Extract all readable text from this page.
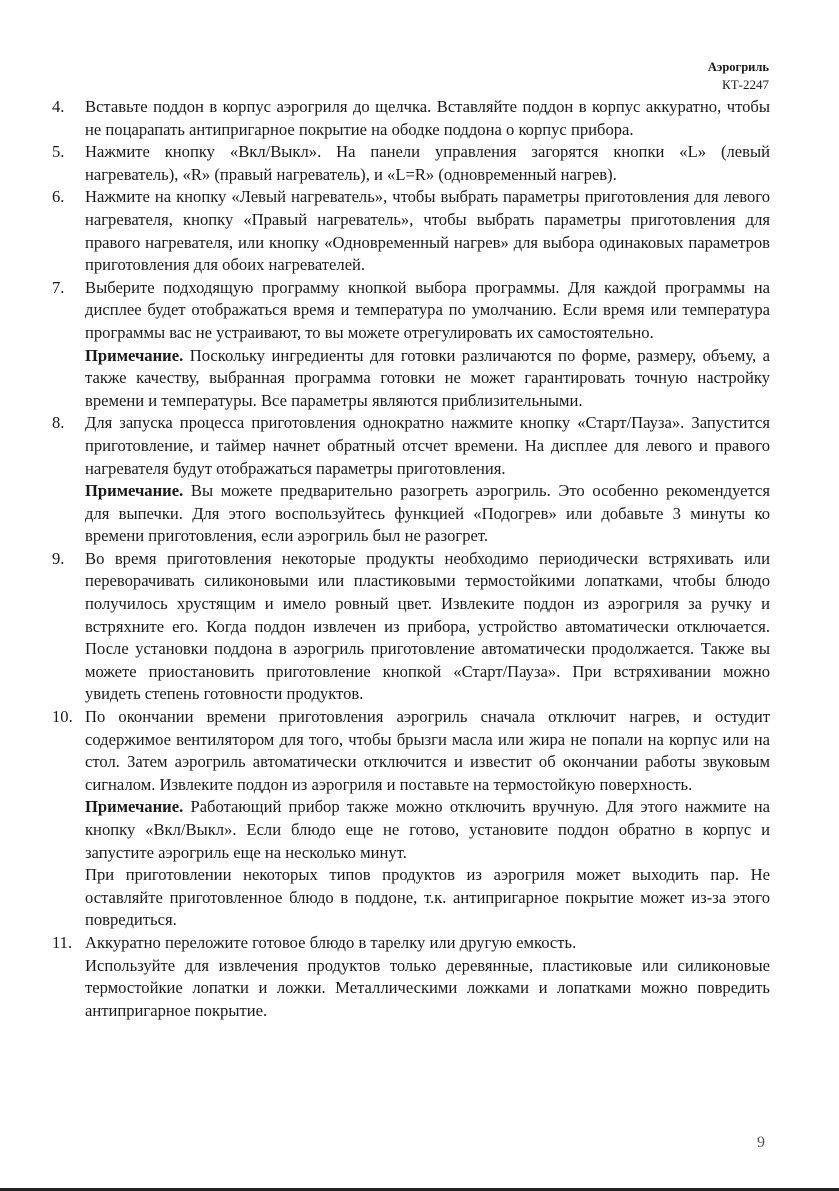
Аэрогриль
КТ-2247
4. Вставьте поддон в корпус аэрогриля до щелчка. Вставляйте поддон в корпус аккуратно, чтобы не поцарапать антипригарное покрытие на ободке поддона о корпус прибора.

5. Нажмите кнопку «Вкл/Выкл». На панели управления загорятся кнопки «L» (левый нагреватель), «R» (правый нагреватель), и «L=R» (одновременный нагрев).

6. Нажмите на кнопку «Левый нагреватель», чтобы выбрать параметры приготовления для левого нагревателя, кнопку «Правый нагреватель», чтобы выбрать параметры приготовления для правого нагревателя, или кнопку «Одновременный нагрев» для выбора одинаковых параметров приготовления для обоих нагревателей.

7. Выберите подходящую программу кнопкой выбора программы. Для каждой программы на дисплее будет отображаться время и температура по умолчанию. Если время или температура программы вас не устраивают, то вы можете отрегулировать их самостоятельно.

Примечание. Поскольку ингредиенты для готовки различаются по форме, размеру, объему, а также качеству, выбранная программа готовки не может гарантировать точную настройку времени и температуры. Все параметры являются приблизительными.

8. Для запуска процесса приготовления однократно нажмите кнопку «Старт/Пауза». Запустится приготовление, и таймер начнет обратный отсчет времени. На дисплее для левого и правого нагревателя будут отображаться параметры приготовления.

Примечание. Вы можете предварительно разогреть аэрогриль. Это особенно рекомендуется для выпечки. Для этого воспользуйтесь функцией «Подогрев» или добавьте 3 минуты ко времени приготовления, если аэрогриль был не разогрет.

9. Во время приготовления некоторые продукты необходимо периодически встряхивать или переворачивать силиконовыми или пластиковыми термостойкими лопатками, чтобы блюдо получилось хрустящим и имело ровный цвет. Извлеките поддон из аэрогриля за ручку и встряхните его. Когда поддон извлечен из прибора, устройство автоматически отключается. После установки поддона в аэрогриль приготовление автоматически продолжается. Также вы можете приостановить приготовление кнопкой «Старт/Пауза». При встряхивании можно увидеть степень готовности продуктов.

10. По окончании времени приготовления аэрогриль сначала отключит нагрев, и остудит содержимое вентилятором для того, чтобы брызги масла или жира не попали на корпус или на стол. Затем аэрогриль автоматически отключится и известит об окончании работы звуковым сигналом. Извлеките поддон из аэрогриля и поставьте на термостойкую поверхность.

Примечание. Работающий прибор также можно отключить вручную. Для этого нажмите на кнопку «Вкл/Выкл». Если блюдо еще не готово, установите поддон обратно в корпус и запустите аэрогриль еще на несколько минут.

При приготовлении некоторых типов продуктов из аэрогриля может выходить пар. Не оставляйте приготовленное блюдо в поддоне, т.к. антипригарное покрытие может из-за этого повредиться.

11. Аккуратно переложите готовое блюдо в тарелку или другую емкость.

Используйте для извлечения продуктов только деревянные, пластиковые или силиконовые термостойкие лопатки и ложки. Металлическими ложками и лопатками можно повредить антипригарное покрытие.

9
